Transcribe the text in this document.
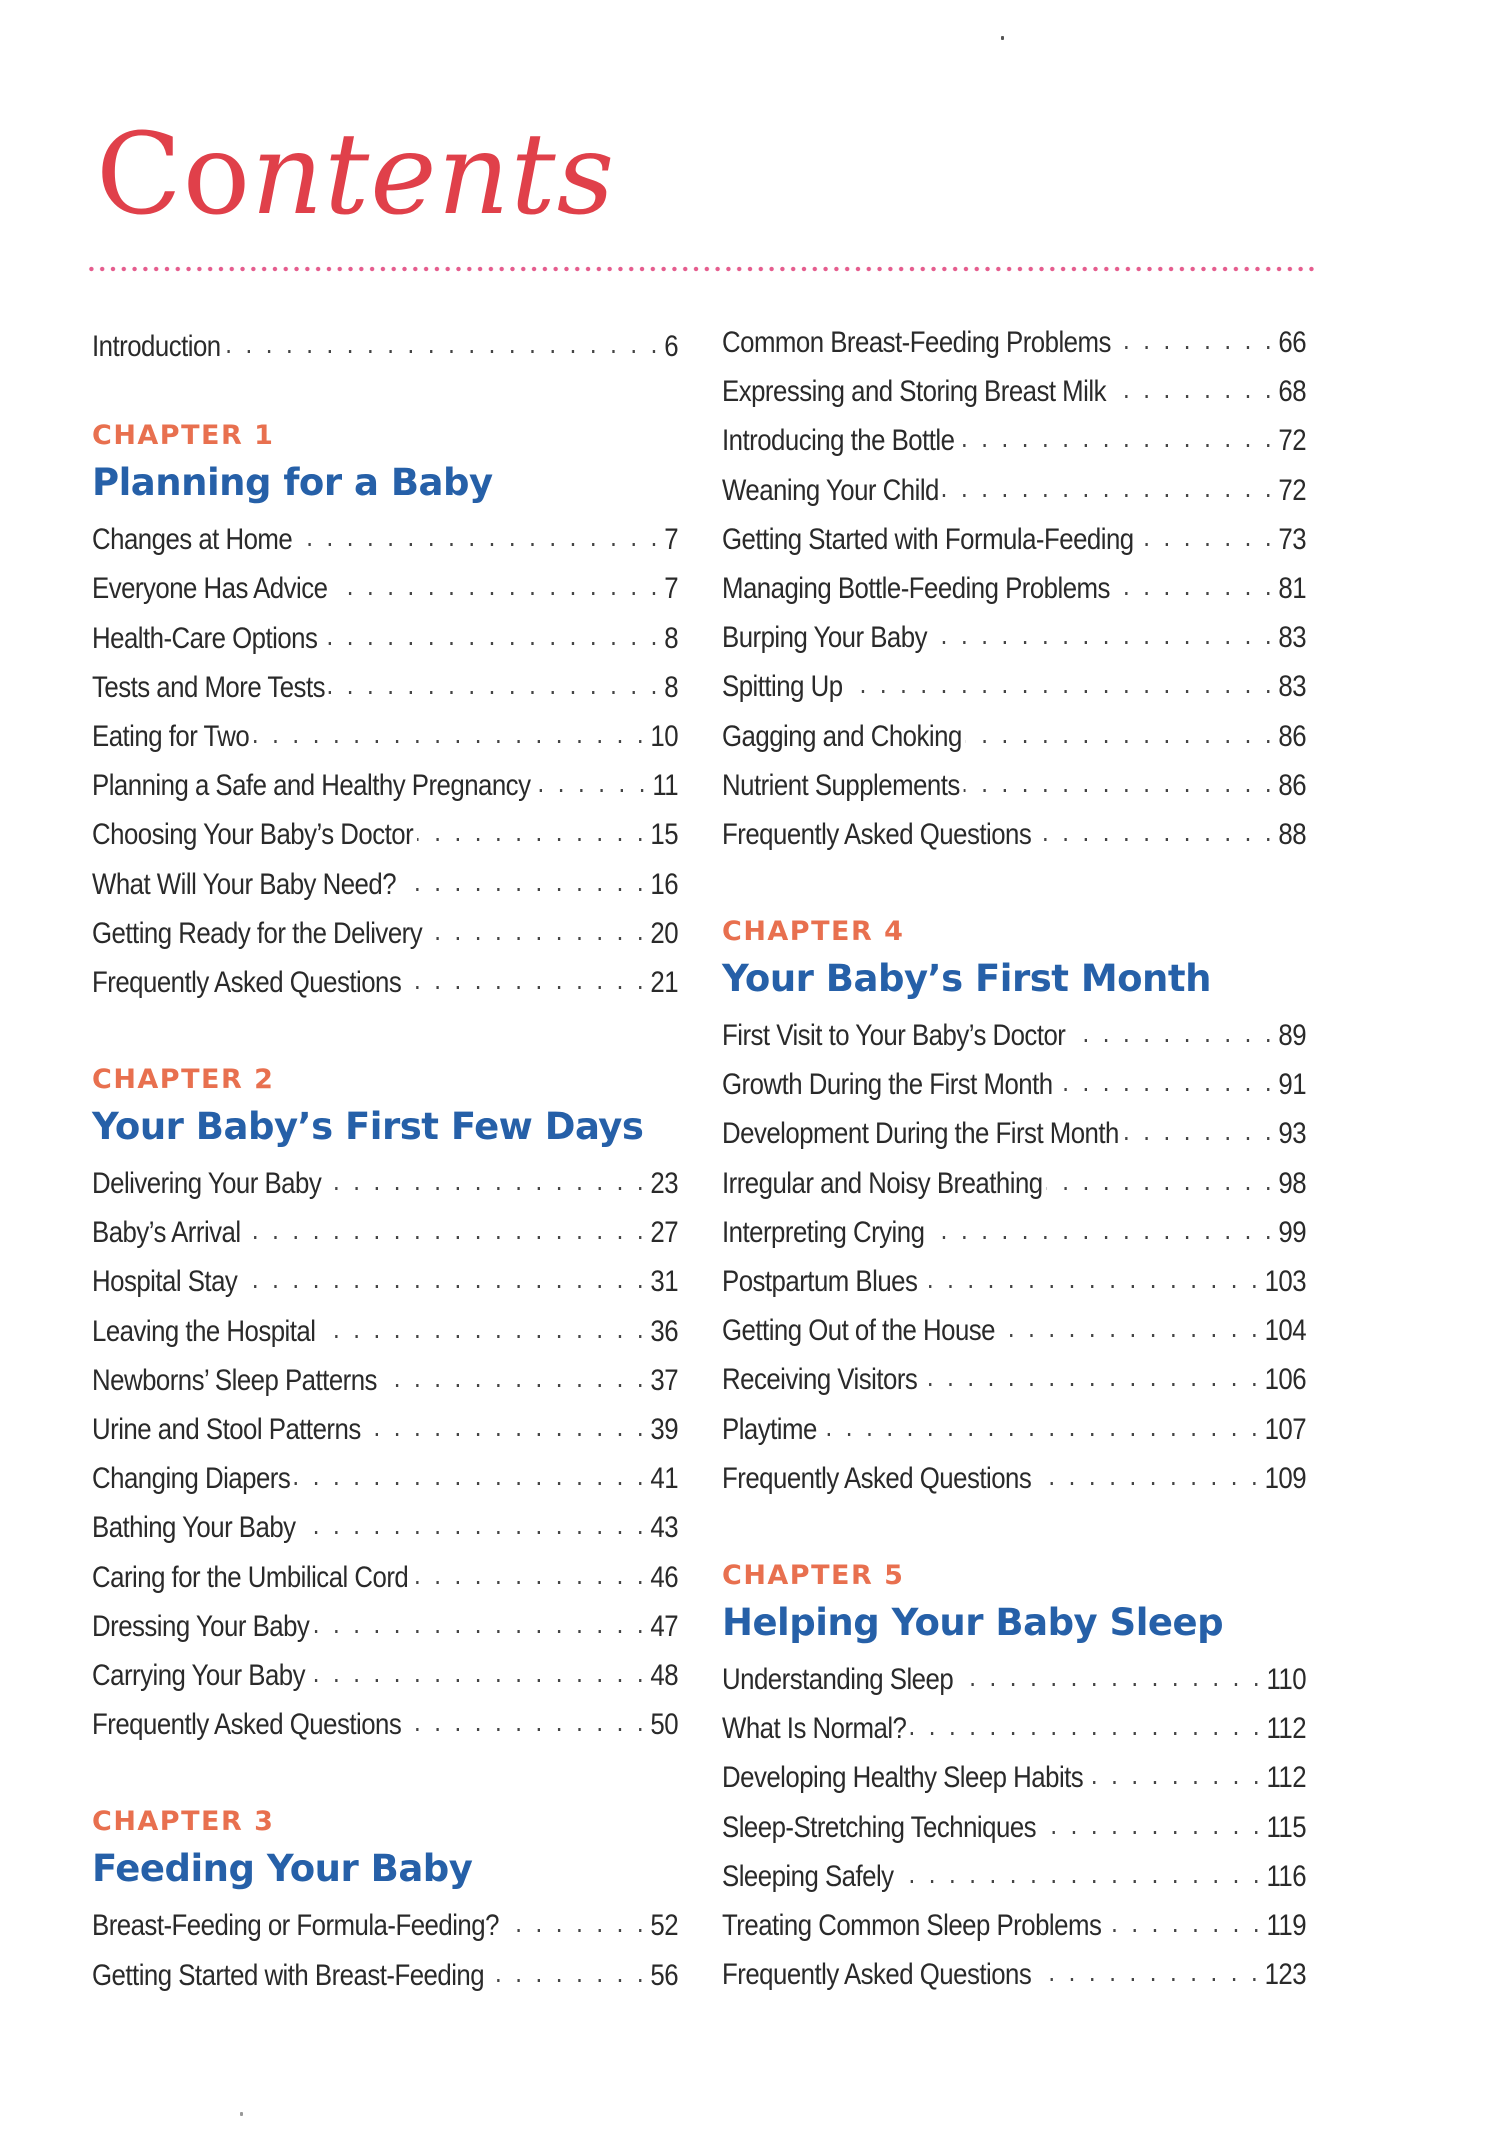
Contents
Introduction . . .	6
CHAPTER 1
Planning for a Baby
Changes at Home . . .	7
Everyone Has Advice . . .	7
Health-Care Options . . .	8
Tests and More Tests . . .	8
Eating for Two . . .	10
Planning a Safe and Healthy Pregnancy . . .	11
Choosing Your Baby’s Doctor . . .	15
What Will Your Baby Need? . . .	16
Getting Ready for the Delivery . . .	20
Frequently Asked Questions . . .	21
CHAPTER 2
Your Baby’s First Few Days
Delivering Your Baby . . .	23
Baby’s Arrival . . .	27
Hospital Stay . . .	31
Leaving the Hospital . . .	36
Newborns’ Sleep Patterns . . .	37
Urine and Stool Patterns . . .	39
Changing Diapers . . .	41
Bathing Your Baby . . .	43
Caring for the Umbilical Cord . . .	46
Dressing Your Baby . . .	47
Carrying Your Baby . . .	48
Frequently Asked Questions . . .	50
CHAPTER 3
Feeding Your Baby
Breast-Feeding or Formula-Feeding? . . .	52
Getting Started with Breast-Feeding . . .	56
Common Breast-Feeding Problems . . .	66
Expressing and Storing Breast Milk . . .	68
Introducing the Bottle . . .	72
Weaning Your Child . . .	72
Getting Started with Formula-Feeding . . .	73
Managing Bottle-Feeding Problems . . .	81
Burping Your Baby . . .	83
Spitting Up . . .	83
Gagging and Choking . . .	86
Nutrient Supplements . . .	86
Frequently Asked Questions . . .	88
CHAPTER 4
Your Baby’s First Month
First Visit to Your Baby’s Doctor . . .	89
Growth During the First Month . . .	91
Development During the First Month . . .	93
Irregular and Noisy Breathing . . .	98
Interpreting Crying . . .	99
Postpartum Blues . . .	103
Getting Out of the House . . .	104
Receiving Visitors . . .	106
Playtime . . .	107
Frequently Asked Questions . . .	109
CHAPTER 5
Helping Your Baby Sleep
Understanding Sleep . . .	110
What Is Normal? . . .	112
Developing Healthy Sleep Habits . . .	112
Sleep-Stretching Techniques . . .	115
Sleeping Safely . . .	116
Treating Common Sleep Problems . . .	119
Frequently Asked Questions . . .	123
